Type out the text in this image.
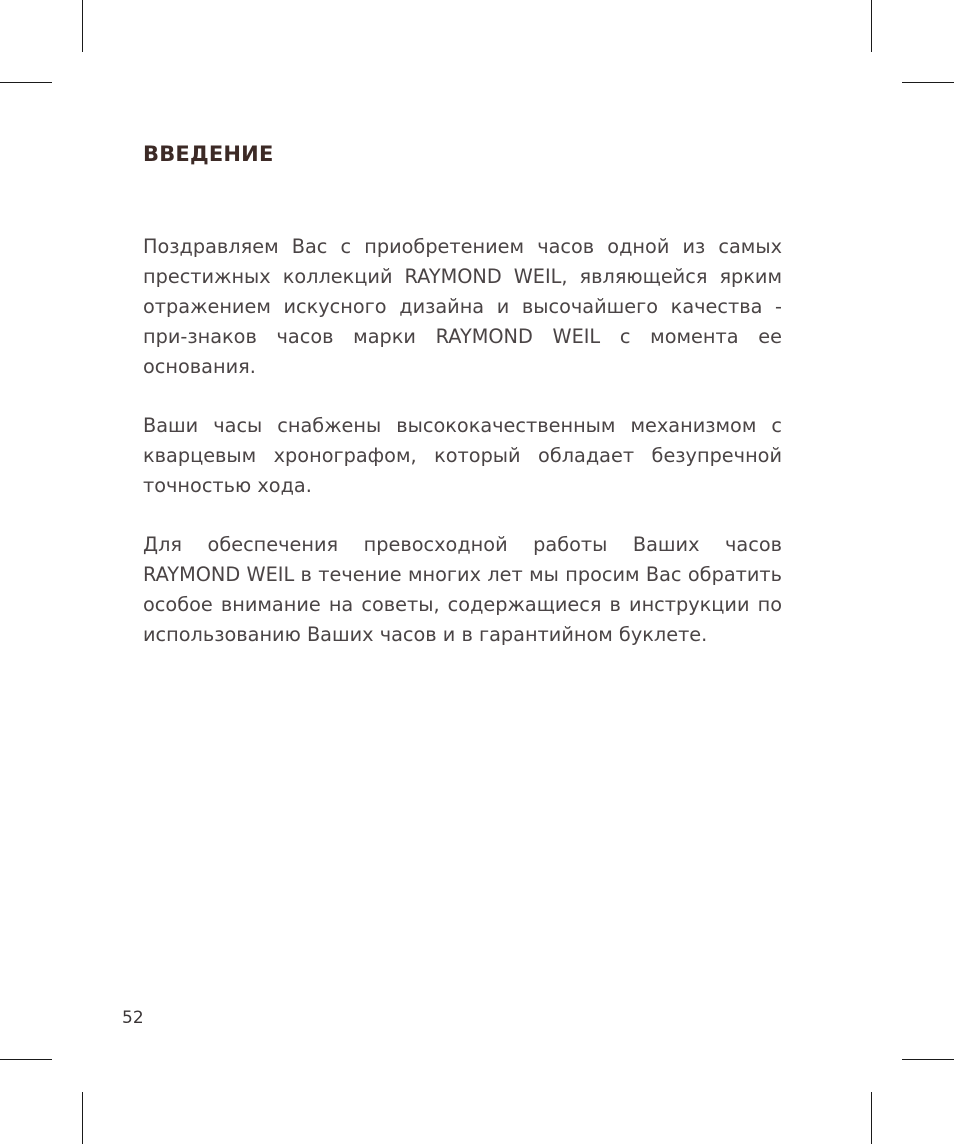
ВВЕДЕНИЕ

Поздравляем Вас с приобретением часов одной из самых престижных коллекций RAYMOND WEIL, являющейся ярким отражением искусного дизайна и высочайшего качества - при-знаков часов марки RAYMOND WEIL с момента ее основания.

Ваши часы снабжены высококачественным механизмом с кварцевым хронографом, который обладает безупречной точностью хода.

Для обеспечения превосходной работы Ваших часов RAYMOND WEIL в течение многих лет мы просим Вас обратить особое внимание на советы, содержащиеся в инструкции по использованию Ваших часов и в гарантийном буклете.

52
